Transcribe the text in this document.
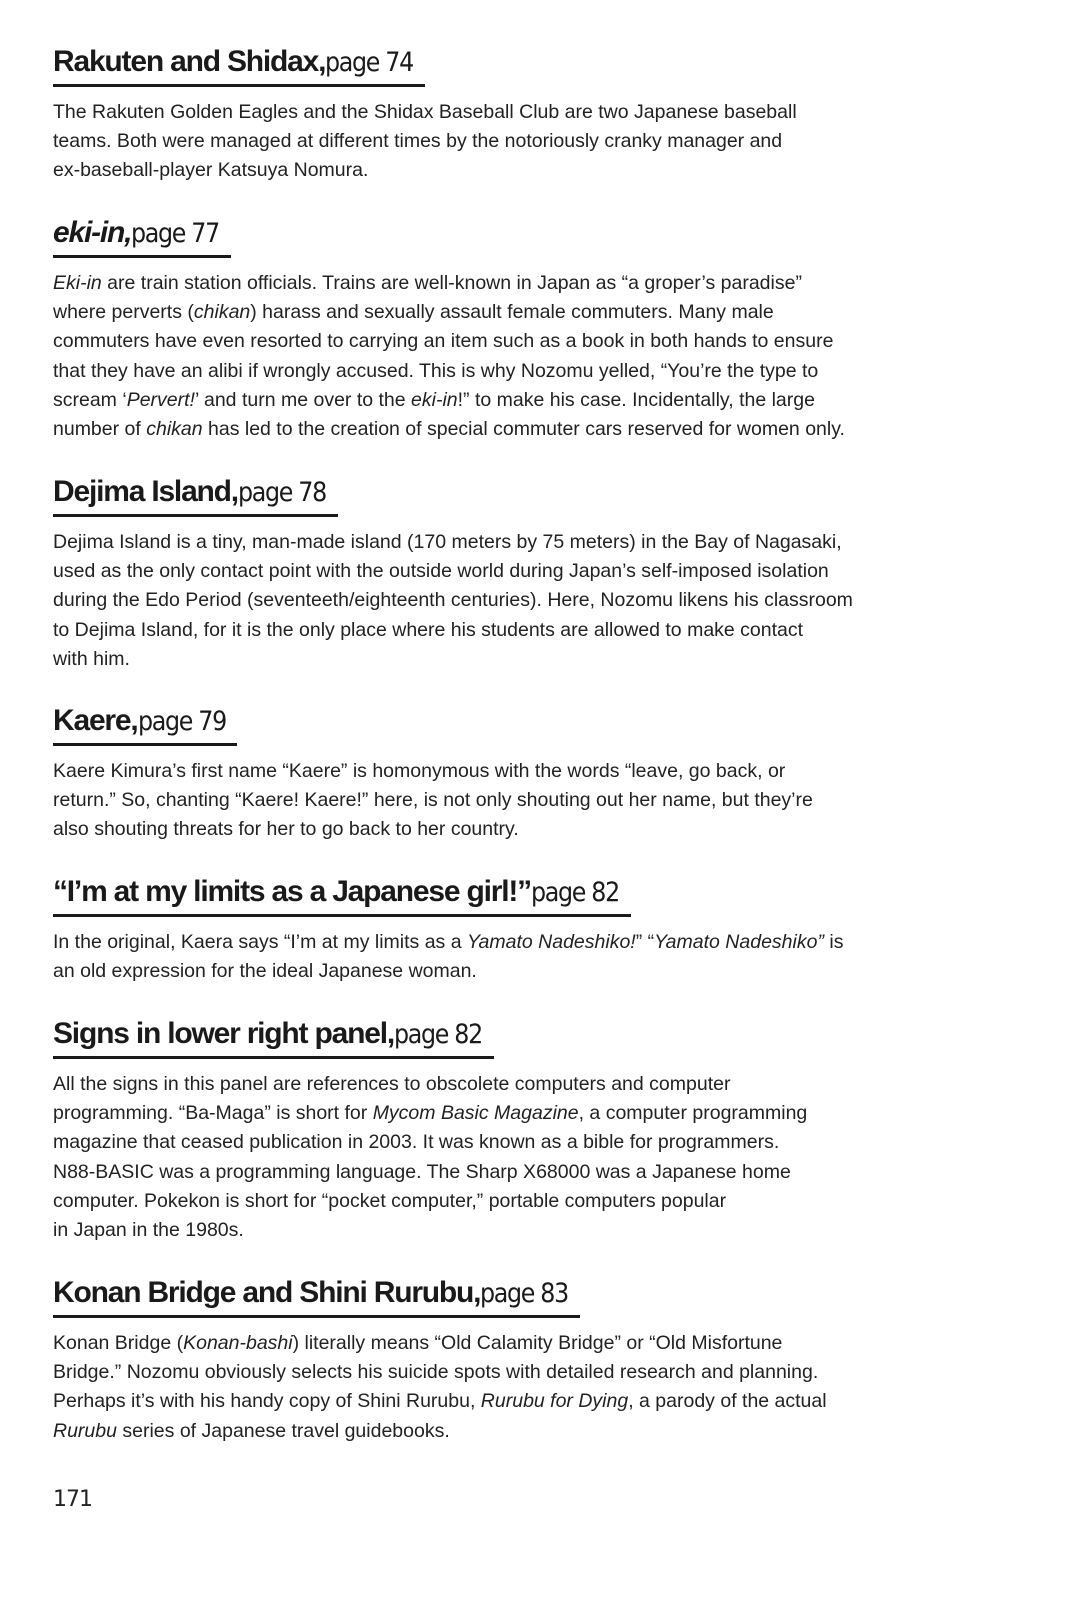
Rakuten and Shidax,page 74

The Rakuten Golden Eagles and the Shidax Baseball Club are two Japanese baseball
teams. Both were managed at different times by the notoriously cranky manager and
ex-baseball-player Katsuya Nomura.

eki-in,page 77

Eki-in are train station officials. Trains are well-known in Japan as “a groper’s paradise”
where perverts (chikan) harass and sexually assault female commuters. Many male
commuters have even resorted to carrying an item such as a book in both hands to ensure
that they have an alibi if wrongly accused. This is why Nozomu yelled, “You’re the type to
scream ‘Pervert!’ and turn me over to the eki-in!” to make his case. Incidentally, the large
number of chikan has led to the creation of special commuter cars reserved for women only.

Dejima Island,page 78

Dejima Island is a tiny, man-made island (170 meters by 75 meters) in the Bay of Nagasaki,
used as the only contact point with the outside world during Japan’s self-imposed isolation
during the Edo Period (seventeeth/eighteenth centuries). Here, Nozomu likens his classroom
to Dejima Island, for it is the only place where his students are allowed to make contact
with him.

Kaere,page 79

Kaere Kimura’s first name “Kaere” is homonymous with the words “leave, go back, or
return.” So, chanting “Kaere! Kaere!” here, is not only shouting out her name, but they’re
also shouting threats for her to go back to her country.

“I’m at my limits as a Japanese girl!”page 82

In the original, Kaera says “I’m at my limits as a Yamato Nadeshiko!” “Yamato Nadeshiko” is
an old expression for the ideal Japanese woman.

Signs in lower right panel,page 82

All the signs in this panel are references to obscolete computers and computer
programming. “Ba-Maga” is short for Mycom Basic Magazine, a computer programming
magazine that ceased publication in 2003. It was known as a bible for programmers.
N88-BASIC was a programming language. The Sharp X68000 was a Japanese home
computer. Pokekon is short for “pocket computer,” portable computers popular
in Japan in the 1980s.

Konan Bridge and Shini Rurubu,page 83

Konan Bridge (Konan-bashi) literally means “Old Calamity Bridge” or “Old Misfortune
Bridge.” Nozomu obviously selects his suicide spots with detailed research and planning.
Perhaps it’s with his handy copy of Shini Rurubu, Rurubu for Dying, a parody of the actual
Rurubu series of Japanese travel guidebooks.

171
